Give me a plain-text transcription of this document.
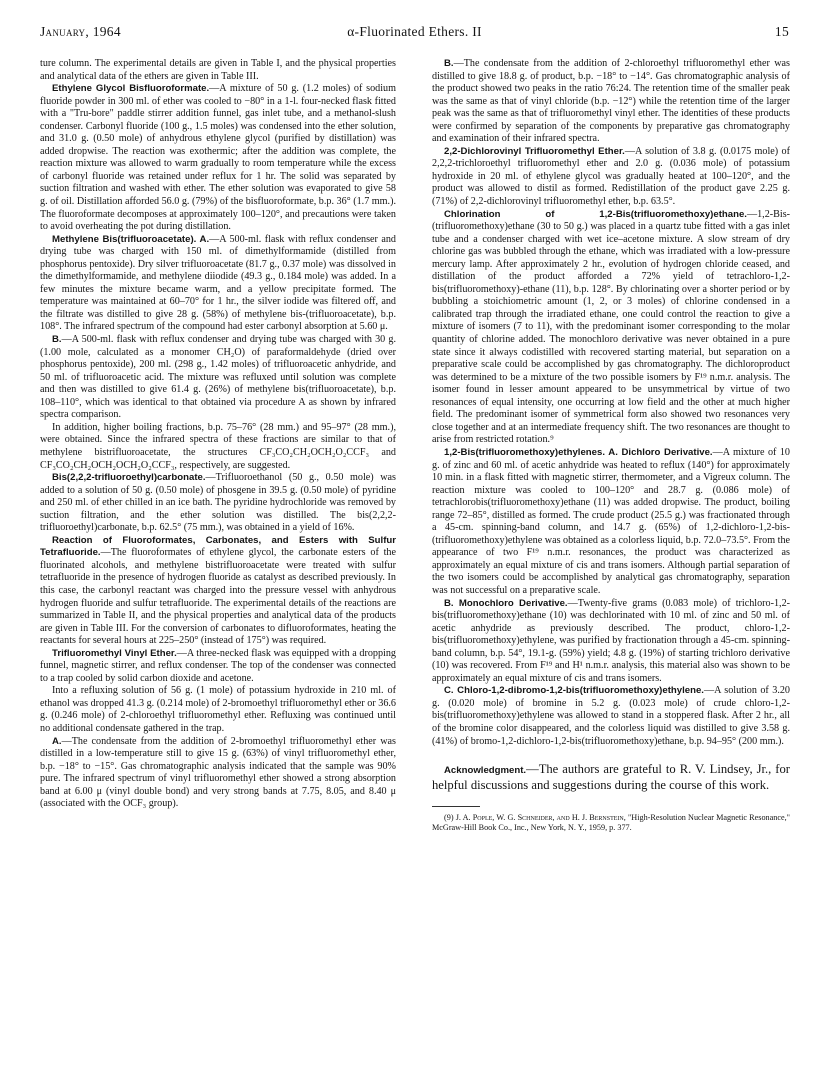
January, 1964	α-Fluorinated Ethers. II	15

ture column. The experimental details are given in Table I, and the physical properties and analytical data of the ethers are given in Table III.

Ethylene Glycol Bisfluoroformate.—A mixture of 50 g. (1.2 moles) of sodium fluoride powder in 300 ml. of ether was cooled to −80° in a 1-l. four-necked flask fitted with a "Tru-bore" paddle stirrer addition funnel, gas inlet tube, and a methanol-slush condenser. Carbonyl fluoride (100 g., 1.5 moles) was condensed into the ether solution, and 31.0 g. (0.50 mole) of anhydrous ethylene glycol (purified by distillation) was added dropwise. The reaction was exothermic; after the addition was complete, the reaction mixture was allowed to warm gradually to room temperature while the excess of carbonyl fluoride was retained under reflux for 1 hr. The solid was separated by suction filtration and washed with ether. The ether solution was evaporated to give 58 g. of oil. Distillation afforded 56.0 g. (79%) of the bisfluoroformate, b.p. 36° (1.7 mm.). The fluoroformate decomposes at approximately 100–120°, and precautions were taken to avoid overheating the pot during distillation.

Methylene Bis(trifluoroacetate). A.—A 500-ml. flask with reflux condenser and drying tube was charged with 150 ml. of dimethylformamide (distilled from phosphorus pentoxide). Dry silver trifluoroacetate (81.7 g., 0.37 mole) was dissolved in the dimethylformamide, and methylene diiodide (49.3 g., 0.184 mole) was added. In a few minutes the mixture became warm, and a yellow precipitate formed. The temperature was maintained at 60–70° for 1 hr., the silver iodide was filtered off, and the filtrate was distilled to give 28 g. (58%) of methylene bis-(trifluoroacetate), b.p. 108°. The infrared spectrum of the compound had ester carbonyl absorption at 5.60 μ.

B.—A 500-ml. flask with reflux condenser and drying tube was charged with 30 g. (1.00 mole, calculated as a monomer CH₂O) of paraformaldehyde (dried over phosphorus pentoxide), 200 ml. (298 g., 1.42 moles) of trifluoroacetic anhydride, and 50 ml. of trifluoroacetic acid. The mixture was refluxed until solution was complete and then was distilled to give 61.4 g. (26%) of methylene bis(trifluoroacetate), b.p. 108–110°, which was identical to that obtained via procedure A as shown by infrared spectra comparison.

In addition, higher boiling fractions, b.p. 75–76° (28 mm.) and 95–97° (28 mm.), were obtained. Since the infrared spectra of these fractions are similar to that of methylene bistrifluoroacetate, the structures CF₃CO₂CH₂OCH₂O₂CCF₃ and CF₃CO₂CH₂OCH₂OCH₂O₂CCF₃, respectively, are suggested.

Bis(2,2,2-trifluoroethyl)carbonate.—Trifluoroethanol (50 g., 0.50 mole) was added to a solution of 50 g. (0.50 mole) of phosgene in 39.5 g. (0.50 mole) of pyridine and 250 ml. of ether chilled in an ice bath. The pyridine hydrochloride was removed by suction filtration, and the ether solution was distilled. The bis(2,2,2-trifluoroethyl)carbonate, b.p. 62.5° (75 mm.), was obtained in a yield of 16%.

Reaction of Fluoroformates, Carbonates, and Esters with Sulfur Tetrafluoride.—The fluoroformates of ethylene glycol, the carbonate esters of the fluorinated alcohols, and methylene bistrifluoroacetate were treated with sulfur tetrafluoride in the presence of hydrogen fluoride as catalyst as described previously. In this case, the carbonyl reactant was charged into the pressure vessel with anhydrous hydrogen fluoride and sulfur tetrafluoride. The experimental details of the reactions are summarized in Table II, and the physical properties and analytical data of the products are given in Table III. For the conversion of carbonates to difluoroformates, heating the reactants for several hours at 225–250° (instead of 175°) was required.

Trifluoromethyl Vinyl Ether.—A three-necked flask was equipped with a dropping funnel, magnetic stirrer, and reflux condenser. The top of the condenser was connected to a trap cooled by solid carbon dioxide and acetone.

Into a refluxing solution of 56 g. (1 mole) of potassium hydroxide in 210 ml. of ethanol was dropped 41.3 g. (0.214 mole) of 2-bromoethyl trifluoromethyl ether or 36.6 g. (0.246 mole) of 2-chloroethyl trifluoromethyl ether. Refluxing was continued until no additional condensate gathered in the trap.

A.—The condensate from the addition of 2-bromoethyl trifluoromethyl ether was distilled in a low-temperature still to give 15 g. (63%) of vinyl trifluoromethyl ether, b.p. −18° to −15°. Gas chromatographic analysis indicated that the sample was 90% pure. The infrared spectrum of vinyl trifluoromethyl ether showed a strong absorption band at 6.00 μ (vinyl double bond) and very strong bands at 7.75, 8.05, and 8.40 μ (associated with the OCF₃ group).

B.—The condensate from the addition of 2-chloroethyl trifluoromethyl ether was distilled to give 18.8 g. of product, b.p. −18° to −14°. Gas chromatographic analysis of the product showed two peaks in the ratio 76:24. The retention time of the smaller peak was the same as that of vinyl chloride (b.p. −12°) while the retention time of the larger peak was the same as that of trifluoromethyl vinyl ether. The identities of these products were confirmed by separation of the components by preparative gas chromatography and examination of their infrared spectra.

2,2-Dichlorovinyl Trifluoromethyl Ether.—A solution of 3.8 g. (0.0175 mole) of 2,2,2-trichloroethyl trifluoromethyl ether and 2.0 g. (0.036 mole) of potassium hydroxide in 20 ml. of ethylene glycol was gradually heated at 100–120°, and the product was allowed to distil as formed. Redistillation of the product gave 2.25 g. (71%) of 2,2-dichlorovinyl trifluoromethyl ether, b.p. 63.5°.

Chlorination of 1,2-Bis(trifluoromethoxy)ethane.—1,2-Bis-(trifluoromethoxy)ethane (30 to 50 g.) was placed in a quartz tube fitted with a gas inlet tube and a condenser charged with wet ice–acetone mixture. A slow stream of dry chlorine gas was bubbled through the ethane, which was irradiated with a low-pressure mercury lamp. After approximately 2 hr., evolution of hydrogen chloride ceased, and distillation of the product afforded a 72% yield of tetrachloro-1,2-bis(trifluoromethoxy)-ethane (11), b.p. 128°. By chlorinating over a shorter period or by bubbling a stoichiometric amount (1, 2, or 3 moles) of chlorine condensed in a calibrated trap through the irradiated ethane, one could control the reaction to give a mixture of isomers (7 to 11), with the predominant isomer corresponding to the molar quantity of chlorine added. The monochloro derivative was never obtained in a pure state since it always codistilled with recovered starting material, but separation on a preparative scale could be accomplished by gas chromatography. The dichloroproduct was determined to be a mixture of the two possible isomers by F¹⁹ n.m.r. analysis. The isomer found in lesser amount appeared to be unsymmetrical by virtue of two resonances of equal intensity, one occurring at low field and the other at much higher field. The predominant isomer of symmetrical form also showed two resonances very close together and at an intermediate frequency shift. The two resonances are thought to arise from restricted rotation.⁹

1,2-Bis(trifluoromethoxy)ethylenes. A. Dichloro Derivative.—A mixture of 10 g. of zinc and 60 ml. of acetic anhydride was heated to reflux (140°) for approximately 10 min. in a flask fitted with magnetic stirrer, thermometer, and a Vigreux column. The reaction mixture was cooled to 100–120° and 28.7 g. (0.086 mole) of tetrachlorobis(trifluoromethoxy)ethane (11) was added dropwise. The product, boiling range 72–85°, distilled as formed. The crude product (25.5 g.) was fractionated through a 45-cm. spinning-band column, and 14.7 g. (65%) of 1,2-dichloro-1,2-bis-(trifluoromethoxy)ethylene was obtained as a colorless liquid, b.p. 72.0–73.5°. From the appearance of two F¹⁹ n.m.r. resonances, the product was characterized as approximately an equal mixture of cis and trans isomers. Although partial separation of the two isomers could be accomplished by analytical gas chromatography, separation was not successful on a preparative scale.

B. Monochloro Derivative.—Twenty-five grams (0.083 mole) of trichloro-1,2-bis(trifluoromethoxy)ethane (10) was dechlorinated with 10 ml. of zinc and 50 ml. of acetic anhydride as previously described. The product, chloro-1,2-bis(trifluoromethoxy)ethylene, was purified by fractionation through a 45-cm. spinning-band column, b.p. 54°, 19.1-g. (59%) yield; 4.8 g. (19%) of starting trichloro derivative (10) was recovered. From F¹⁹ and H¹ n.m.r. analysis, this material also was shown to be approximately an equal mixture of cis and trans isomers.

C. Chloro-1,2-dibromo-1,2-bis(trifluoromethoxy)ethylene.—A solution of 3.20 g. (0.020 mole) of bromine in 5.2 g. (0.023 mole) of crude chloro-1,2-bis(trifluoromethoxy)ethylene was allowed to stand in a stoppered flask. After 2 hr., all of the bromine color disappeared, and the colorless liquid was distilled to give 3.58 g. (41%) of bromo-1,2-dichloro-1,2-bis(trifluoromethoxy)ethane, b.p. 94–95° (200 mm.).

Acknowledgment.—The authors are grateful to R. V. Lindsey, Jr., for helpful discussions and suggestions during the course of this work.

(9) J. A. Pople, W. G. Schneider, and H. J. Bernstein, "High-Resolution Nuclear Magnetic Resonance," McGraw-Hill Book Co., Inc., New York, N. Y., 1959, p. 377.
